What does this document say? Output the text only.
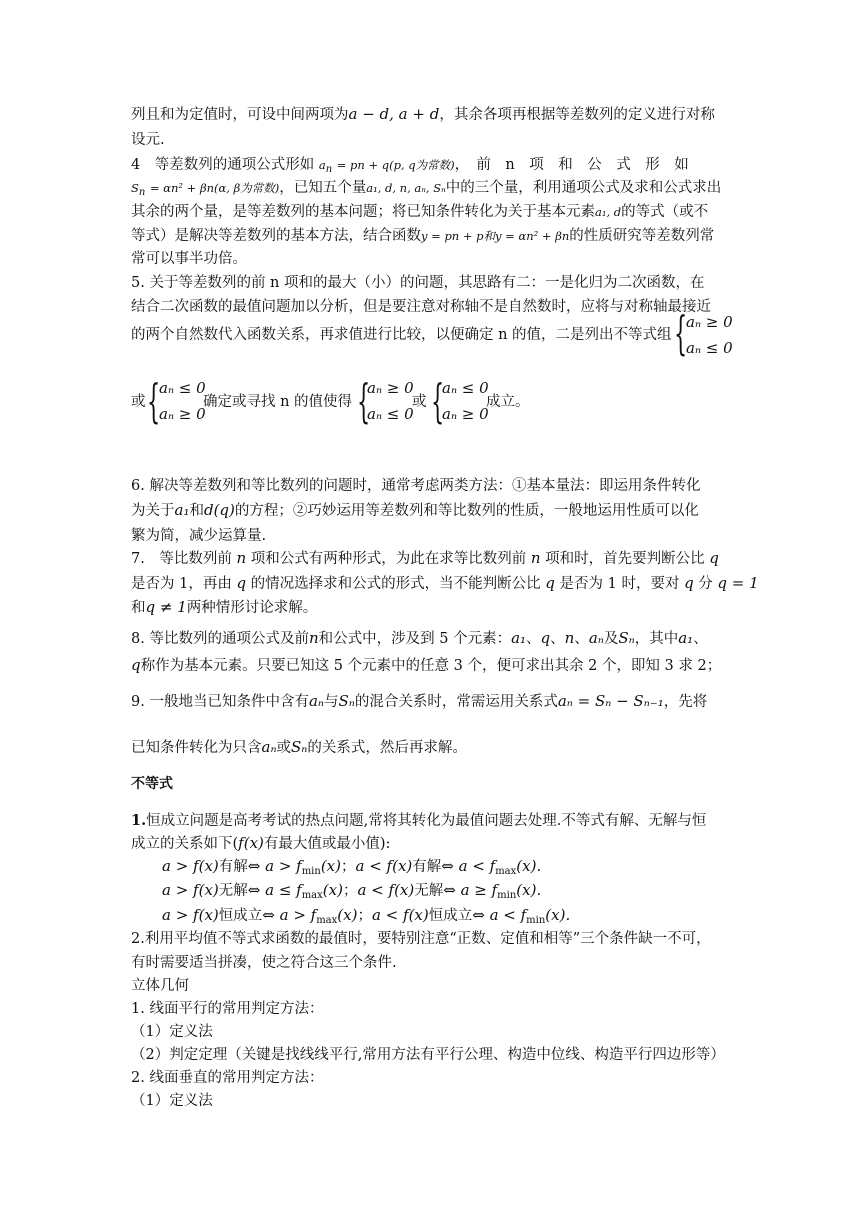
列且和为定值时，可设中间两项为a − d, a + d，其余各项再根据等差数列的定义进行对称
设元.
4　等差数列的通项公式形如 $a_n$ = pn + q(p, q为常数)，　前　n　项　和　公　式　形　如
$S_n = \alpha n^2 + \beta n(\alpha$, β为常数)，已知五个量a₁, d, n, aₙ, Sₙ中的三个量，利用通项公式及求和公式求出
其余的两个量，是等差数列的基本问题；将已知条件转化为关于基本元素a₁, d的等式（或不
等式）是解决等差数列的基本方法，结合函数y = pn + p和y = αn² + βn的性质研究等差数列常
常可以事半功倍。
5. 关于等差数列的前 n 项和的最大（小）的问题，其思路有二：一是化归为二次函数，在
结合二次函数的最值问题加以分析，但是要注意对称轴不是自然数时，应将与对称轴最接近
的两个自然数代入函数关系，再求值进行比较，以便确定 n 的值，二是列出不等式组 {
aₙ ≥ 0
aₙ ≤ 0
或 {
aₙ ≤ 0
aₙ ≥ 0
确定或寻找 n 的值使得 {
aₙ ≥ 0
aₙ ≤ 0
或 {
aₙ ≤ 0
aₙ ≥ 0
成立。
6. 解决等差数列和等比数列的问题时，通常考虑两类方法：①基本量法：即运用条件转化
为关于a₁和d(q)的方程；②巧妙运用等差数列和等比数列的性质，一般地运用性质可以化
繁为简，减少运算量.
7.　等比数列前 n 项和公式有两种形式，为此在求等比数列前 n 项和时，首先要判断公比 q
是否为 1，再由 q 的情况选择求和公式的形式，当不能判断公比 q 是否为 1 时，要对 q 分 q = 1
和q ≠ 1两种情形讨论求解。
8. 等比数列的通项公式及前n和公式中，涉及到 5 个元素：a₁、q、n、aₙ及Sₙ，其中a₁、
q称作为基本元素。只要已知这 5 个元素中的任意 3 个，便可求出其余 2 个，即知 3 求 2；
9. 一般地当已知条件中含有aₙ与Sₙ的混合关系时，常需运用关系式aₙ = Sₙ − Sₙ₋₁，先将
已知条件转化为只含aₙ或Sₙ的关系式，然后再求解。
不等式
1.恒成立问题是高考考试的热点问题,常将其转化为最值问题去处理.不等式有解、无解与恒
成立的关系如下(f(x)有最大值或最小值):
a > f(x)有解⇔ $a > f_{min}(x)$；a < f(x)有解⇔ $a < f_{max}(x)$.
a > f(x)无解⇔ $a \le f_{max}(x)$；a < f(x)无解⇔ $a \ge f_{min}(x)$.
a > f(x)恒成立⇔ $a > f_{max}(x)$；a < f(x)恒成立⇔ $a < f_{min}(x)$.
2.利用平均值不等式求函数的最值时，要特别注意“正数、定值和相等”三个条件缺一不可，
有时需要适当拼凑，使之符合这三个条件.
立体几何
1. 线面平行的常用判定方法：
（1）定义法
（2）判定定理（关键是找线线平行,常用方法有平行公理、构造中位线、构造平行四边形等）
2. 线面垂直的常用判定方法：
（1）定义法
